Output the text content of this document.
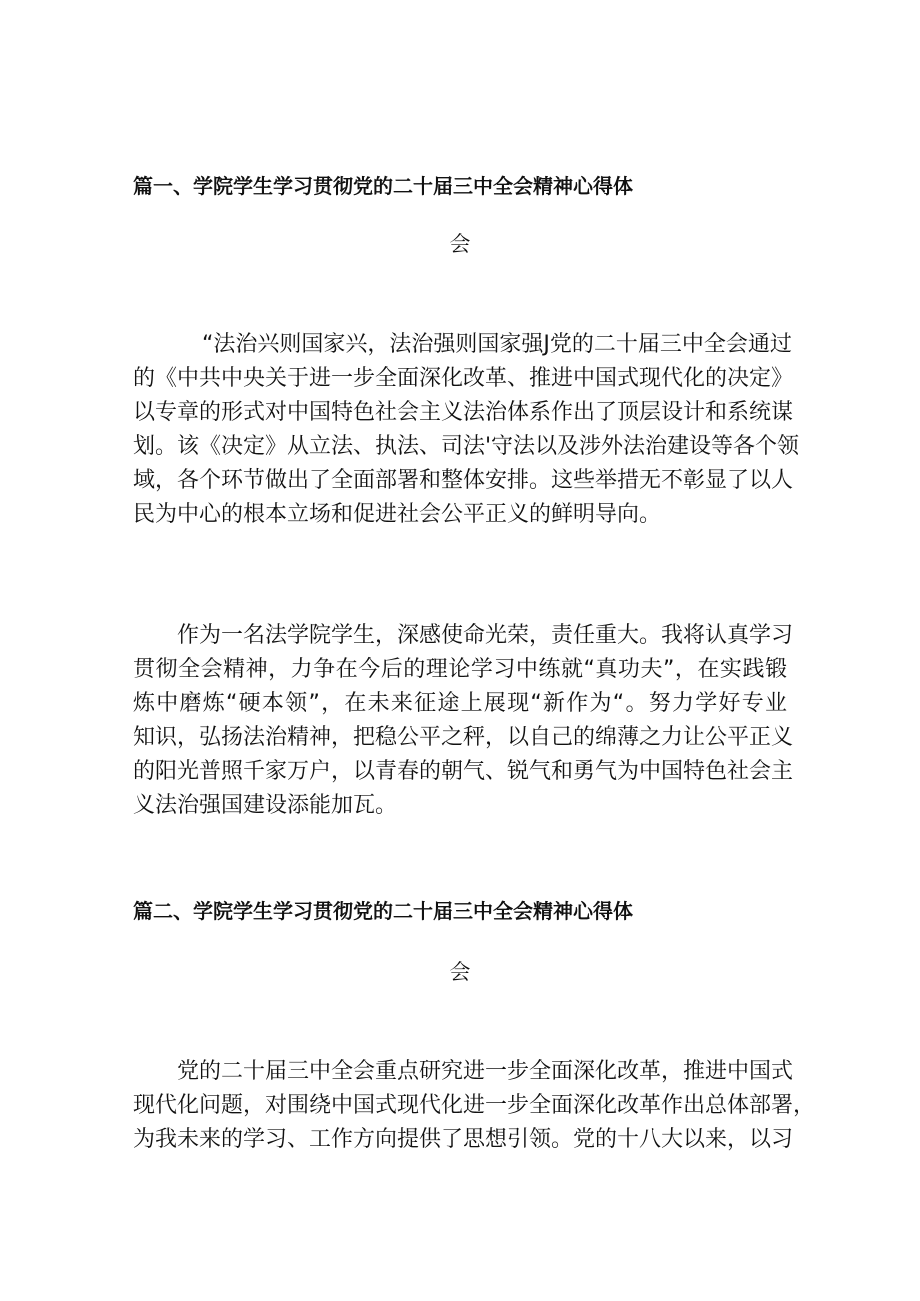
篇一、学院学生学习贯彻党的二十届三中全会精神心得体
会
“法治兴则国家兴，法治强则国家强J党的二十届三中全会通过
的《中共中央关于进一步全面深化改革、推进中国式现代化的决定》
以专章的形式对中国特色社会主义法治体系作出了顶层设计和系统谋
划。该《决定》从立法、执法、司法'守法以及涉外法治建设等各个领
域，各个环节做出了全面部署和整体安排。这些举措无不彰显了以人
民为中心的根本立场和促进社会公平正义的鲜明导向。
作为一名法学院学生，深感使命光荣，责任重大。我将认真学习
贯彻全会精神，力争在今后的理论学习中练就“真功夫”，在实践锻
炼中磨炼“硬本领”，在未来征途上展现“新作为“。努力学好专业
知识，弘扬法治精神，把稳公平之秤，以自己的绵薄之力让公平正义
的阳光普照千家万户，以青春的朝气、锐气和勇气为中国特色社会主
义法治强国建设添能加瓦。
篇二、学院学生学习贯彻党的二十届三中全会精神心得体
会
党的二十届三中全会重点研究进一步全面深化改革，推进中国式
现代化问题，对围绕中国式现代化进一步全面深化改革作出总体部署，
为我未来的学习、工作方向提供了思想引领。党的十八大以来，以习
